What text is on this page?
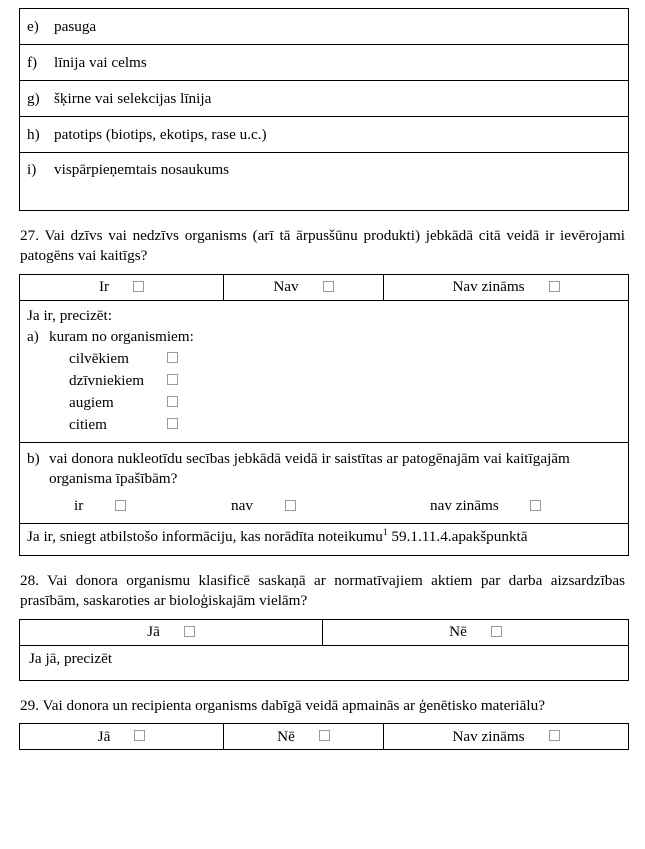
e) pasuga
f)	līnija vai celms
g) šķirne vai selekcijas līnija
h) patotips (biotips, ekotips, rase u.c.)
i)	vispārpieņemtais nosaukums
27. Vai dzīvs vai nedzīvs organisms (arī tā ārpusšūnu produkti) jebkādā citā veidā ir ievērojami patogēns vai kaitīgs?
Ir	Nav	Nav zināms
Ja ir, precizēt:
a) kuram no organismiem:
cilvēkiem
dzīvniekiem
augiem
citiem
b) vai donora nukleotīdu secības jebkādā veidā ir saistītas ar patogēnajām vai kaitīgajām organisma īpašībām?
ir	nav	nav zināms
Ja ir, sniegt atbilstošo informāciju, kas norādīta noteikumu$^1$ 59.1.11.4.apakšpunktā
28. Vai donora organismu klasificē saskaņā ar normatīvajiem aktiem par darba aizsardzības prasībām, saskaroties ar bioloģiskajām vielām?
Jā	Nē
Ja jā, precizēt
29. Vai donora un recipienta organisms dabīgā veidā apmainās ar ģenētisko materiālu?
Jā	Nē	Nav zināms
